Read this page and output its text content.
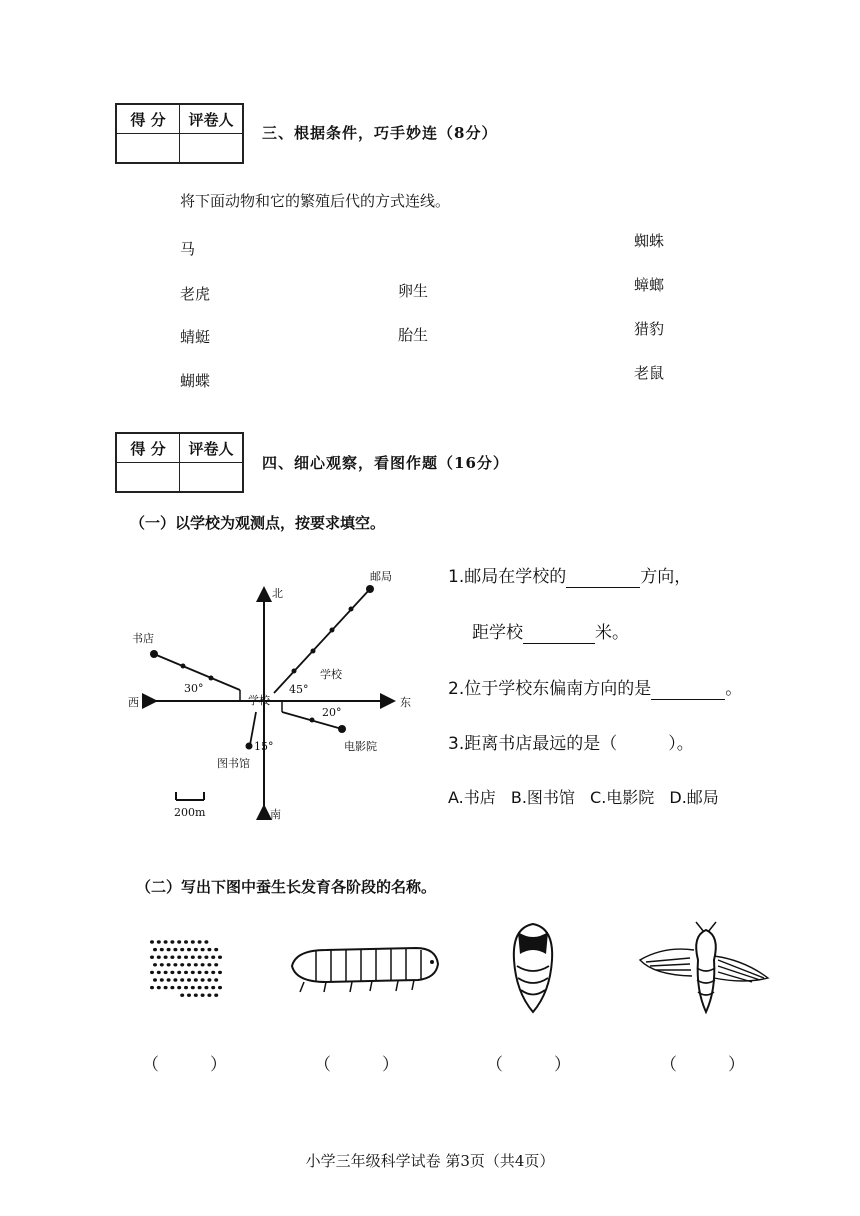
得 分	评卷人

三、根据条件，巧手妙连（8分）
将下面动物和它的繁殖后代的方式连线。
马
老虎
蜻蜓
蝴蝶
卵生
胎生
蜘蛛
蟑螂
猎豹
老鼠
得 分	评卷人

四、细心观察，看图作题（16分）
（一）以学校为观测点，按要求填空。
北
南
东
西
邮局
书店
学校
学校
电影院
图书馆
30°	45°
20°
15°
200m
1.邮局在学校的	方向，
距学校	米。
2.位于学校东偏南方向的是	。
3.距离书店最远的是（　　　）。
A.书店 B.图书馆 C.电影院 D.邮局
（二）写出下图中蚕生长发育各阶段的名称。
（　　　）	（　　　）	（　　　）	（　　　）
小学三年级科学试卷 第3页（共4页）
